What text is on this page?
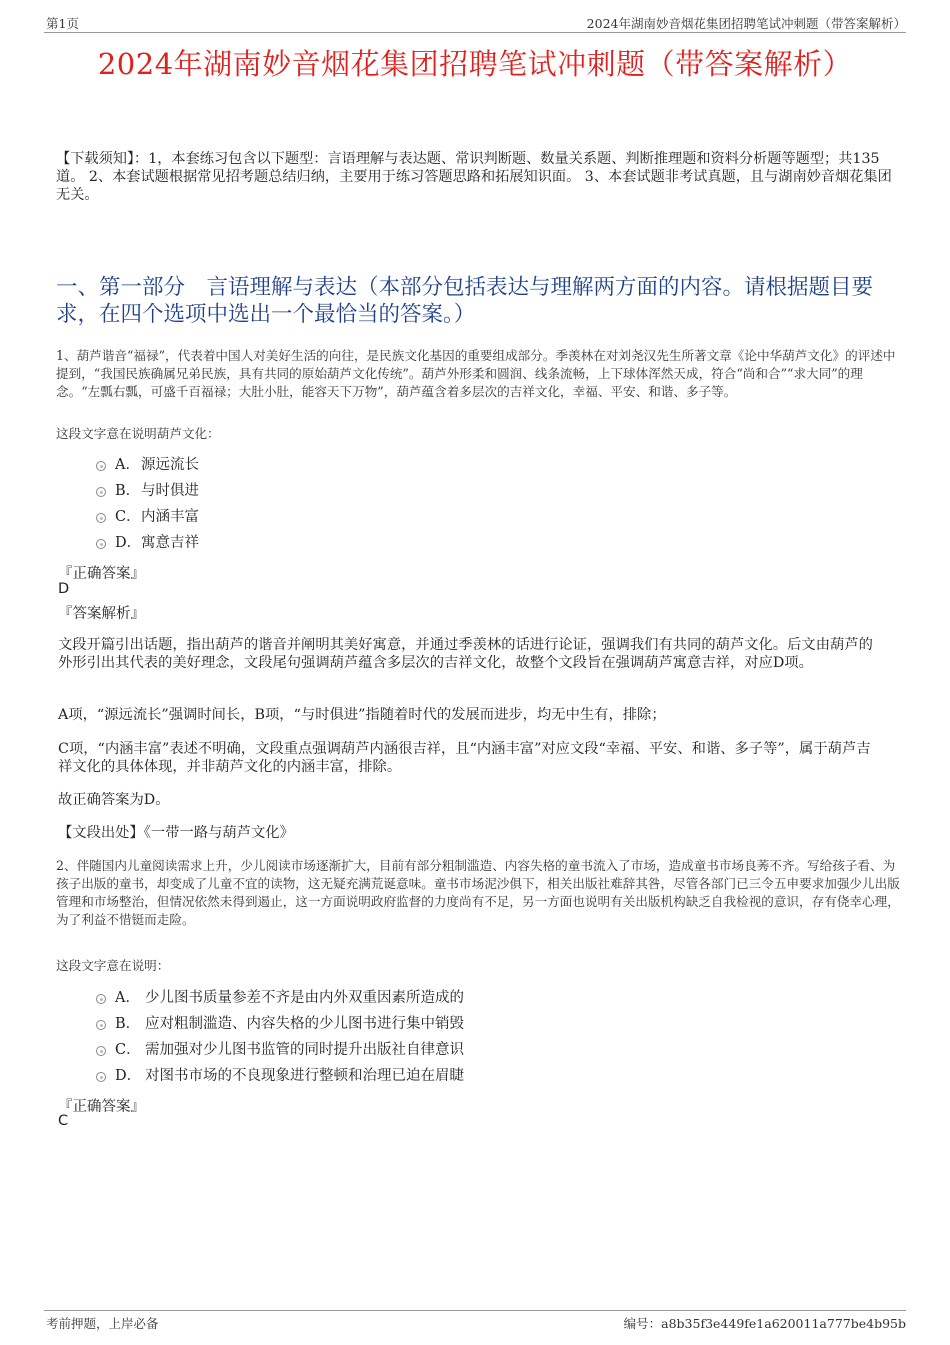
第1页	2024年湖南妙音烟花集团招聘笔试冲刺题（带答案解析）
2024年湖南妙音烟花集团招聘笔试冲刺题（带答案解析）
【下载须知】：1，本套练习包含以下题型：言语理解与表达题、常识判断题、数量关系题、判断推理题和资料分析题等题型；共135道。 2、本套试题根据常见招考题总结归纳，主要用于练习答题思路和拓展知识面。 3、本套试题非考试真题，且与湖南妙音烟花集团无关。
一、第一部分　言语理解与表达（本部分包括表达与理解两方面的内容。请根据题目要求，在四个选项中选出一个最恰当的答案。）
1、葫芦谐音“福禄”，代表着中国人对美好生活的向往，是民族文化基因的重要组成部分。季羡林在对刘尧汉先生所著文章《论中华葫芦文化》的评述中提到，“我国民族确属兄弟民族，具有共同的原始葫芦文化传统”。葫芦外形柔和圆润、线条流畅，上下球体浑然天成，符合“尚和合”“求大同”的理念。“左瓢右瓢，可盛千百福禄；大肚小肚，能容天下万物”，葫芦蕴含着多层次的吉祥文化，幸福、平安、和谐、多子等。
这段文字意在说明葫芦文化：
A． 源远流长
B． 与时俱进
C． 内涵丰富
D． 寓意吉祥
『正确答案』
D
『答案解析』
文段开篇引出话题，指出葫芦的谐音并阐明其美好寓意，并通过季羡林的话进行论证，强调我们有共同的葫芦文化。后文由葫芦的外形引出其代表的美好理念，文段尾句强调葫芦蕴含多层次的吉祥文化，故整个文段旨在强调葫芦寓意吉祥，对应D项。
A项，“源远流长”强调时间长，B项，“与时俱进”指随着时代的发展而进步，均无中生有，排除；
C项，“内涵丰富”表述不明确，文段重点强调葫芦内涵很吉祥，且“内涵丰富”对应文段“幸福、平安、和谐、多子等”，属于葫芦吉祥文化的具体体现，并非葫芦文化的内涵丰富，排除。
故正确答案为D。
【文段出处】《一带一路与葫芦文化》
2、伴随国内儿童阅读需求上升，少儿阅读市场逐渐扩大，目前有部分粗制滥造、内容失格的童书流入了市场，造成童书市场良莠不齐。写给孩子看、为孩子出版的童书，却变成了儿童不宜的读物，这无疑充满荒诞意味。童书市场泥沙俱下，相关出版社难辞其咎，尽管各部门已三令五申要求加强少儿出版管理和市场整治，但情况依然未得到遏止，这一方面说明政府监督的力度尚有不足，另一方面也说明有关出版机构缺乏自我检视的意识，存有侥幸心理，为了利益不惜铤而走险。
这段文字意在说明：
A． 少儿图书质量参差不齐是由内外双重因素所造成的
B． 应对粗制滥造、内容失格的少儿图书进行集中销毁
C． 需加强对少儿图书监管的同时提升出版社自律意识
D． 对图书市场的不良现象进行整顿和治理已迫在眉睫
『正确答案』
C
考前押题，上岸必备	编号：a8b35f3e449fe1a620011a777be4b95b
